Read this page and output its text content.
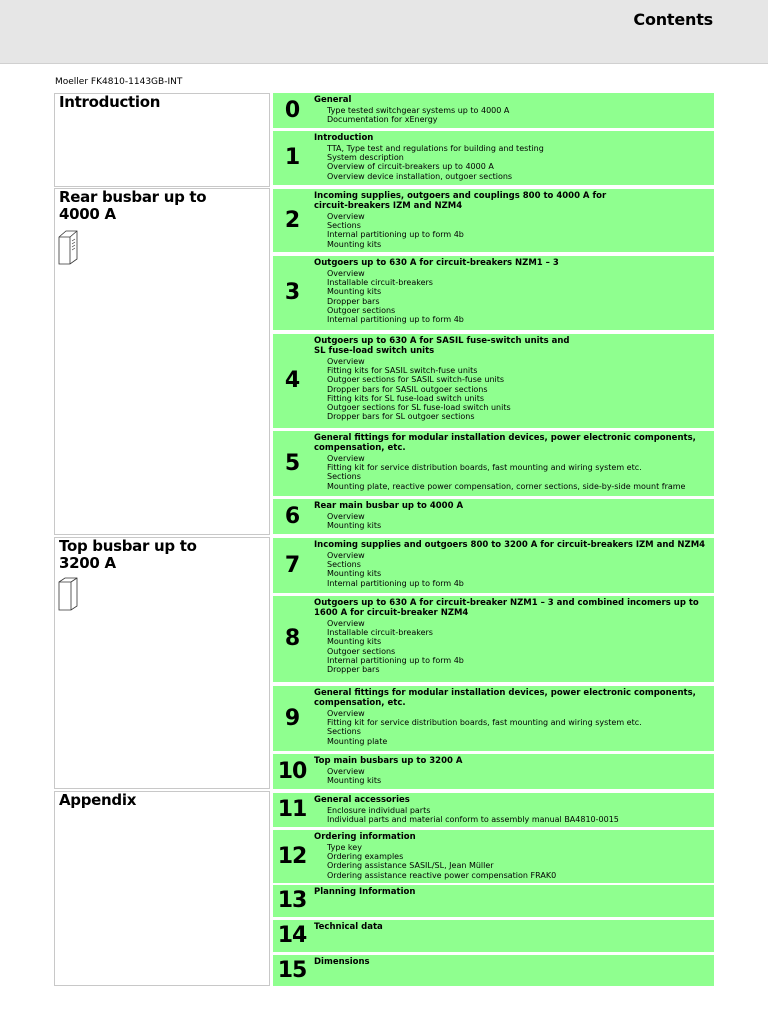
Contents
Moeller FK4810-1143GB-INT
Introduction
Rear busbar up to
4000 A
Top busbar up to
3200 A
Appendix
0	General
Type tested switchgear systems up to 4000 A
Documentation for xEnergy
1
Introduction
TTA, Type test and regulations for building and testing
System description
Overview of circuit-breakers up to 4000 A
Overview device installation, outgoer sections
2
Incoming supplies, outgoers and couplings 800 to 4000 A for
circuit-breakers IZM and NZM4
Overview
Sections
Internal partitioning up to form 4b
Mounting kits
3
Outgoers up to 630 A for circuit-breakers NZM1 – 3
Overview
Installable circuit-breakers
Mounting kits
Dropper bars
Outgoer sections
Internal partitioning up to form 4b
4
Outgoers up to 630 A for SASIL fuse-switch units and
SL fuse-load switch units
Overview
Fitting kits for SASIL switch-fuse units
Outgoer sections for SASIL switch-fuse units
Dropper bars for SASIL outgoer sections
Fitting kits for SL fuse-load switch units
Outgoer sections for SL fuse-load switch units
Dropper bars for SL outgoer sections
5
General fittings for modular installation devices, power electronic components,
compensation, etc.
Overview
Fitting kit for service distribution boards, fast mounting and wiring system etc.
Sections
Mounting plate, reactive power compensation, corner sections, side-by-side mount frame
6	Rear main busbar up to 4000 A
Overview
Mounting kits
7
Incoming supplies and outgoers 800 to 3200 A for circuit-breakers IZM and NZM4
Overview
Sections
Mounting kits
Internal partitioning up to form 4b
8
Outgoers up to 630 A for circuit-breaker NZM1 – 3 and combined incomers up to
1600 A for circuit-breaker NZM4
Overview
Installable circuit-breakers
Mounting kits
Outgoer sections
Internal partitioning up to form 4b
Dropper bars
9
General fittings for modular installation devices, power electronic components,
compensation, etc.
Overview
Fitting kit for service distribution boards, fast mounting and wiring system etc.
Sections
Mounting plate
10 Top main busbars up to 3200 A
Overview
Mounting kits
11 General accessories
Enclosure individual parts
Individual parts and material conform to assembly manual BA4810-0015
12
Ordering information
Type key
Ordering examples
Ordering assistance SASIL/SL, Jean Müller
Ordering assistance reactive power compensation FRAK0
13 Planning Information
14 Technical data
15 Dimensions
